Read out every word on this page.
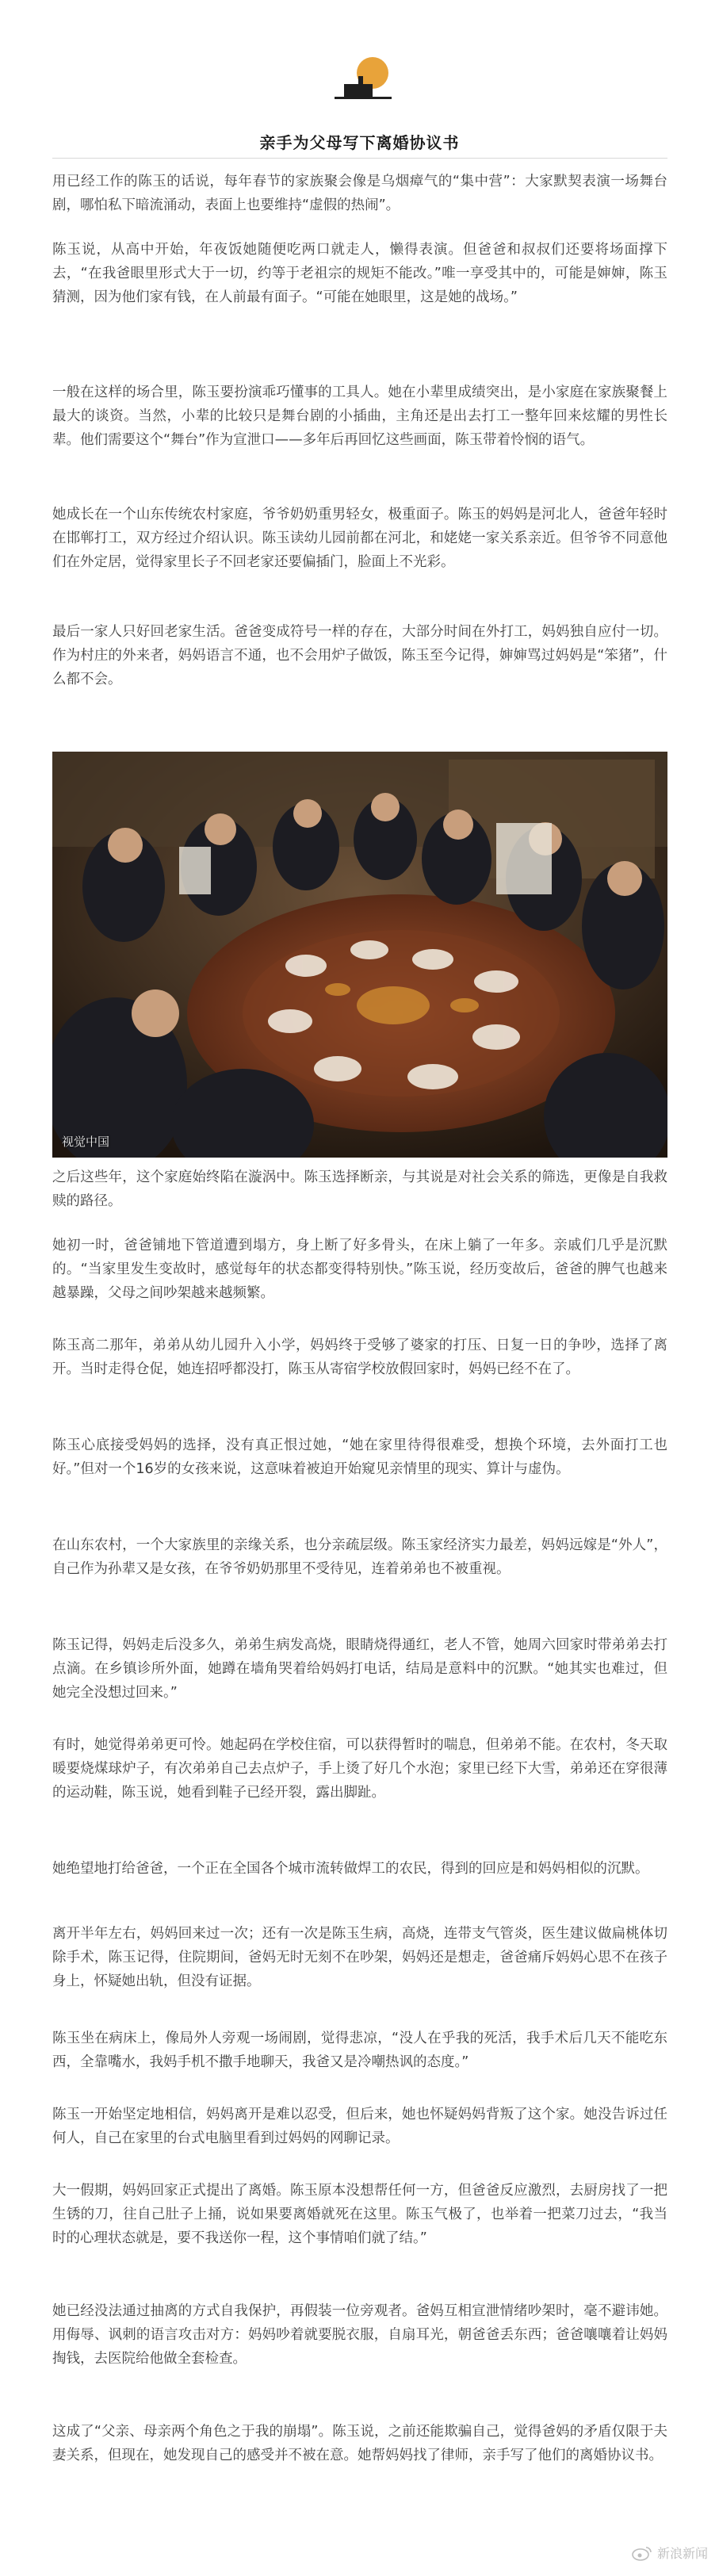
亲手为父母写下离婚协议书

用已经工作的陈玉的话说，每年春节的家族聚会像是乌烟瘴气的“集中营”：大家默契表演一场舞台剧，哪怕私下暗流涌动，表面上也要维持“虚假的热闹”。

陈玉说，从高中开始，年夜饭她随便吃两口就走人，懒得表演。但爸爸和叔叔们还要将场面撑下去，“在我爸眼里形式大于一切，约等于老祖宗的规矩不能改。”唯一享受其中的，可能是婶婶，陈玉猜测，因为他们家有钱，在人前最有面子。“可能在她眼里，这是她的战场。”

一般在这样的场合里，陈玉要扮演乖巧懂事的工具人。她在小辈里成绩突出，是小家庭在家族聚餐上最大的谈资。当然，小辈的比较只是舞台剧的小插曲，主角还是出去打工一整年回来炫耀的男性长辈。他们需要这个“舞台”作为宣泄口——多年后再回忆这些画面，陈玉带着怜悯的语气。

她成长在一个山东传统农村家庭，爷爷奶奶重男轻女，极重面子。陈玉的妈妈是河北人，爸爸年轻时在邯郸打工，双方经过介绍认识。陈玉读幼儿园前都在河北，和姥姥一家关系亲近。但爷爷不同意他们在外定居，觉得家里长子不回老家还要偏插门，脸面上不光彩。

最后一家人只好回老家生活。爸爸变成符号一样的存在，大部分时间在外打工，妈妈独自应付一切。作为村庄的外来者，妈妈语言不通，也不会用炉子做饭，陈玉至今记得，婶婶骂过妈妈是“笨猪”，什么都不会。

视觉中国

之后这些年，这个家庭始终陷在漩涡中。陈玉选择断亲，与其说是对社会关系的筛选，更像是自我救赎的路径。

她初一时，爸爸铺地下管道遭到塌方，身上断了好多骨头，在床上躺了一年多。亲戚们几乎是沉默的。“当家里发生变故时，感觉每年的状态都变得特别快。”陈玉说，经历变故后，爸爸的脾气也越来越暴躁，父母之间吵架越来越频繁。

陈玉高二那年，弟弟从幼儿园升入小学，妈妈终于受够了婆家的打压、日复一日的争吵，选择了离开。当时走得仓促，她连招呼都没打，陈玉从寄宿学校放假回家时，妈妈已经不在了。

陈玉心底接受妈妈的选择，没有真正恨过她，“她在家里待得很难受，想换个环境，去外面打工也好。”但对一个16岁的女孩来说，这意味着被迫开始窥见亲情里的现实、算计与虚伪。

在山东农村，一个大家族里的亲缘关系，也分亲疏层级。陈玉家经济实力最差，妈妈远嫁是“外人”，自己作为孙辈又是女孩，在爷爷奶奶那里不受待见，连着弟弟也不被重视。

陈玉记得，妈妈走后没多久，弟弟生病发高烧，眼睛烧得通红，老人不管，她周六回家时带弟弟去打点滴。在乡镇诊所外面，她蹲在墙角哭着给妈妈打电话，结局是意料中的沉默。“她其实也难过，但她完全没想过回来。”

有时，她觉得弟弟更可怜。她起码在学校住宿，可以获得暂时的喘息，但弟弟不能。在农村，冬天取暖要烧煤球炉子，有次弟弟自己去点炉子，手上烫了好几个水泡；家里已经下大雪，弟弟还在穿很薄的运动鞋，陈玉说，她看到鞋子已经开裂，露出脚趾。

她绝望地打给爸爸，一个正在全国各个城市流转做焊工的农民，得到的回应是和妈妈相似的沉默。

离开半年左右，妈妈回来过一次；还有一次是陈玉生病，高烧，连带支气管炎，医生建议做扁桃体切除手术，陈玉记得，住院期间，爸妈无时无刻不在吵架，妈妈还是想走，爸爸痛斥妈妈心思不在孩子身上，怀疑她出轨，但没有证据。

陈玉坐在病床上，像局外人旁观一场闹剧，觉得悲凉，“没人在乎我的死活，我手术后几天不能吃东西，全靠嘴水，我妈手机不撒手地聊天，我爸又是冷嘲热讽的态度。”

陈玉一开始坚定地相信，妈妈离开是难以忍受，但后来，她也怀疑妈妈背叛了这个家。她没告诉过任何人，自己在家里的台式电脑里看到过妈妈的网聊记录。

大一假期，妈妈回家正式提出了离婚。陈玉原本没想帮任何一方，但爸爸反应激烈，去厨房找了一把生锈的刀，往自己肚子上捅，说如果要离婚就死在这里。陈玉气极了，也举着一把菜刀过去，“我当时的心理状态就是，要不我送你一程，这个事情咱们就了结。”

她已经没法通过抽离的方式自我保护，再假装一位旁观者。爸妈互相宣泄情绪吵架时，毫不避讳她。用侮辱、讽刺的语言攻击对方：妈妈吵着就要脱衣服，自扇耳光，朝爸爸丢东西；爸爸嚷嚷着让妈妈掏钱，去医院给他做全套检查。

这成了“父亲、母亲两个角色之于我的崩塌”。陈玉说，之前还能欺骗自己，觉得爸妈的矛盾仅限于夫妻关系，但现在，她发现自己的感受并不被在意。她帮妈妈找了律师，亲手写了他们的离婚协议书。

新浪新闻
